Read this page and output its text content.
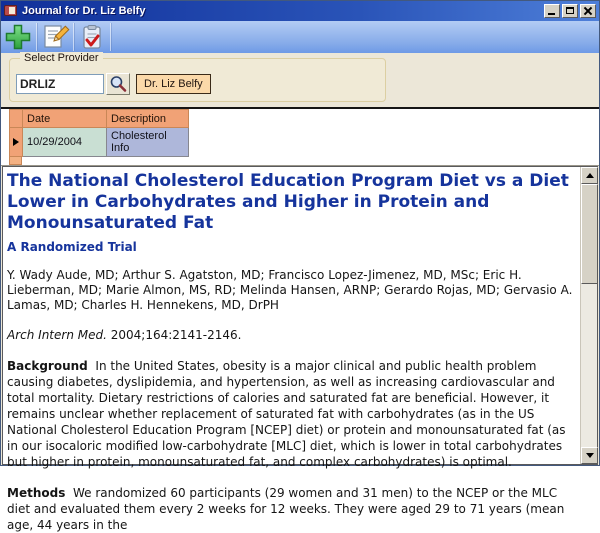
Journal for Dr. Liz Belfy
Select Provider
DRLIZ
Dr. Liz Belfy
	Date	Description

	10/29/2004	Cholesterol Info
The National Cholesterol Education Program Diet vs a Diet Lower in Carbohydrates and Higher in Protein and Monounsaturated Fat
A Randomized Trial
Y. Wady Aude, MD; Arthur S. Agatston, MD; Francisco Lopez-Jimenez, MD, MSc; Eric H. Lieberman, MD; Marie Almon, MS, RD; Melinda Hansen, ARNP; Gerardo Rojas, MD; Gervasio A. Lamas, MD; Charles H. Hennekens, MD, DrPH
Arch Intern Med. 2004;164:2141-2146.
Background In the United States, obesity is a major clinical and public health problem causing diabetes, dyslipidemia, and hypertension, as well as increasing cardiovascular and total mortality. Dietary restrictions of calories and saturated fat are beneficial. However, it remains unclear whether replacement of saturated fat with carbohydrates (as in the US National Cholesterol Education Program [NCEP] diet) or protein and monounsaturated fat (as in our isocaloric modified low-carbohydrate [MLC] diet, which is lower in total carbohydrates but higher in protein, monounsaturated fat, and complex carbohydrates) is optimal.
Methods We randomized 60 participants (29 women and 31 men) to the NCEP or the MLC diet and evaluated them every 2 weeks for 12 weeks. They were aged 29 to 71 years (mean age, 44 years in the
